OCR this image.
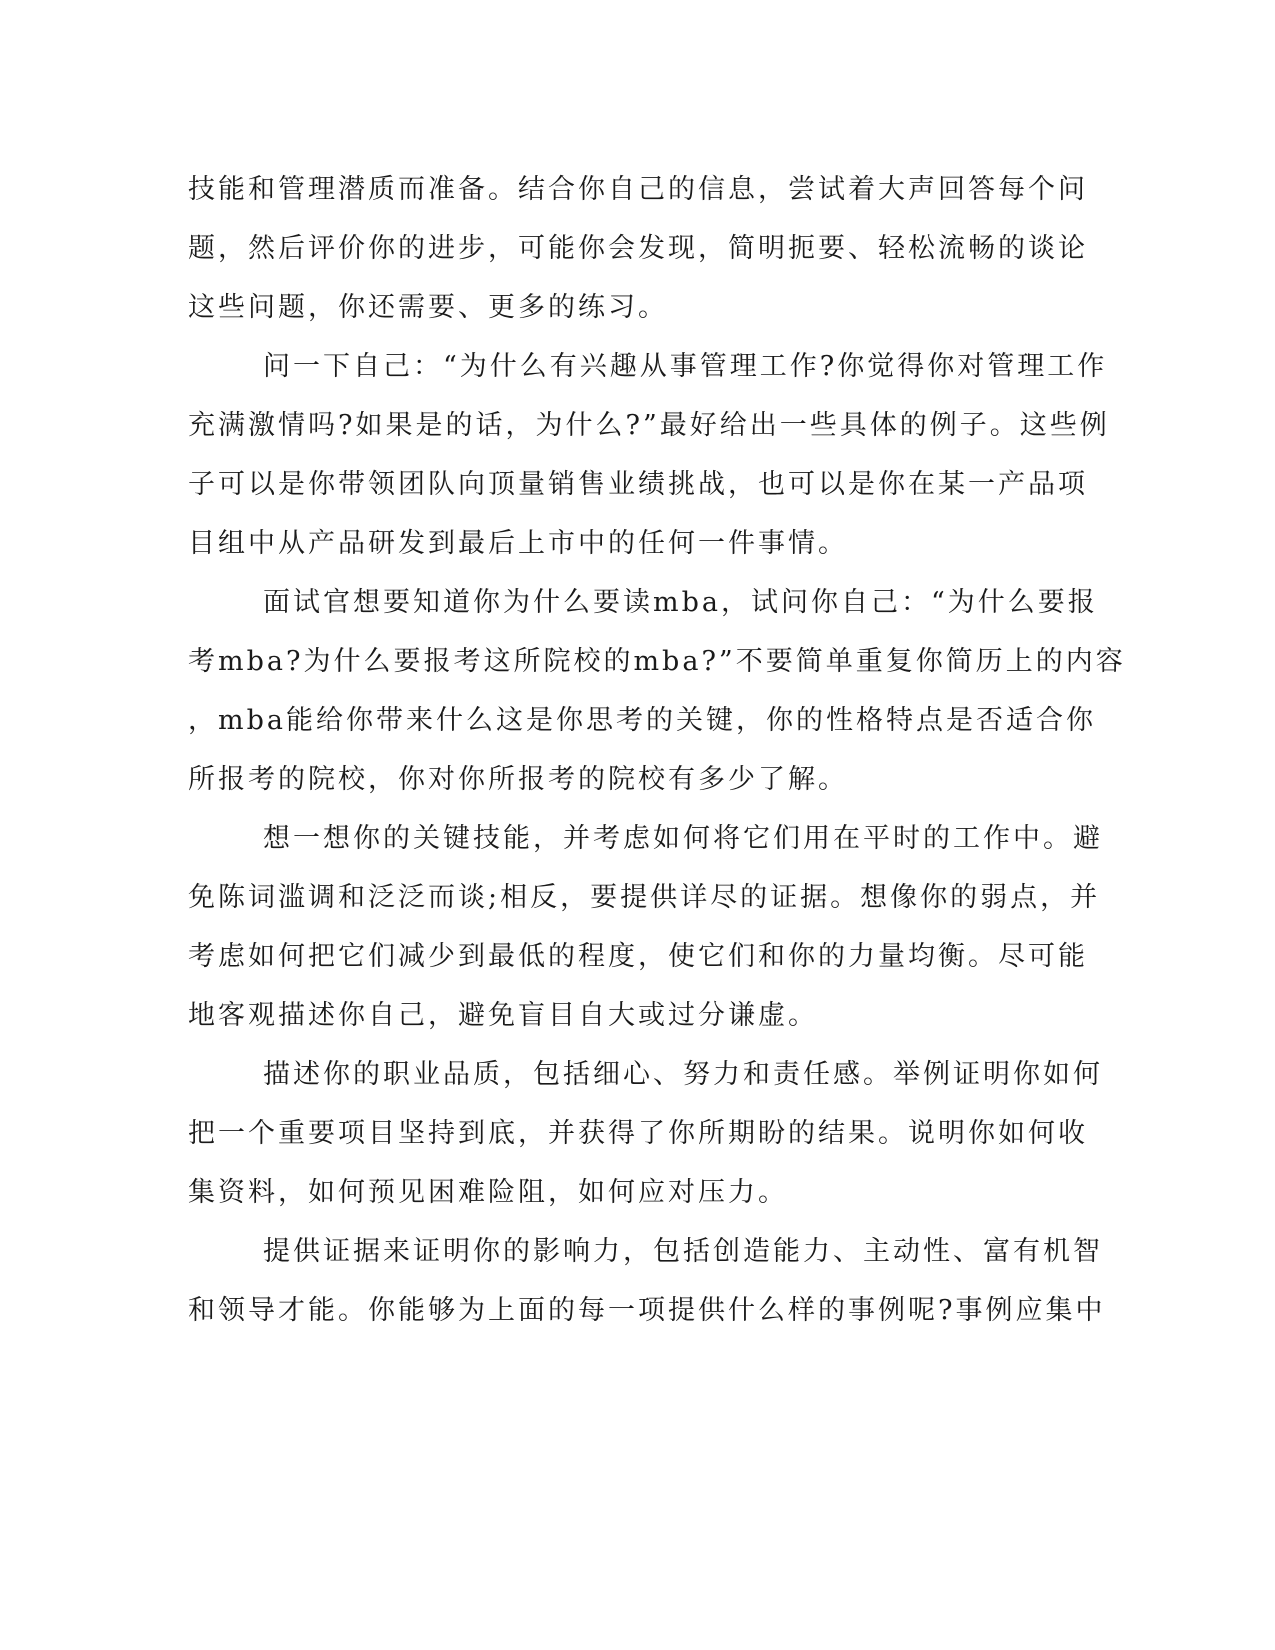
技能和管理潜质而准备。结合你自己的信息，尝试着大声回答每个问
题，然后评价你的进步，可能你会发现，简明扼要、轻松流畅的谈论
这些问题，你还需要、更多的练习。
问一下自己：“为什么有兴趣从事管理工作?你觉得你对管理工作
充满激情吗?如果是的话，为什么?”最好给出一些具体的例子。这些例
子可以是你带领团队向顶量销售业绩挑战，也可以是你在某一产品项
目组中从产品研发到最后上市中的任何一件事情。
面试官想要知道你为什么要读mba，试问你自己：“为什么要报
考mba?为什么要报考这所院校的mba?”不要简单重复你简历上的内容
，mba能给你带来什么这是你思考的关键，你的性格特点是否适合你
所报考的院校，你对你所报考的院校有多少了解。
想一想你的关键技能，并考虑如何将它们用在平时的工作中。避
免陈词滥调和泛泛而谈;相反，要提供详尽的证据。想像你的弱点，并
考虑如何把它们减少到最低的程度，使它们和你的力量均衡。尽可能
地客观描述你自己，避免盲目自大或过分谦虚。
描述你的职业品质，包括细心、努力和责任感。举例证明你如何
把一个重要项目坚持到底，并获得了你所期盼的结果。说明你如何收
集资料，如何预见困难险阻，如何应对压力。
提供证据来证明你的影响力，包括创造能力、主动性、富有机智
和领导才能。你能够为上面的每一项提供什么样的事例呢?事例应集中
